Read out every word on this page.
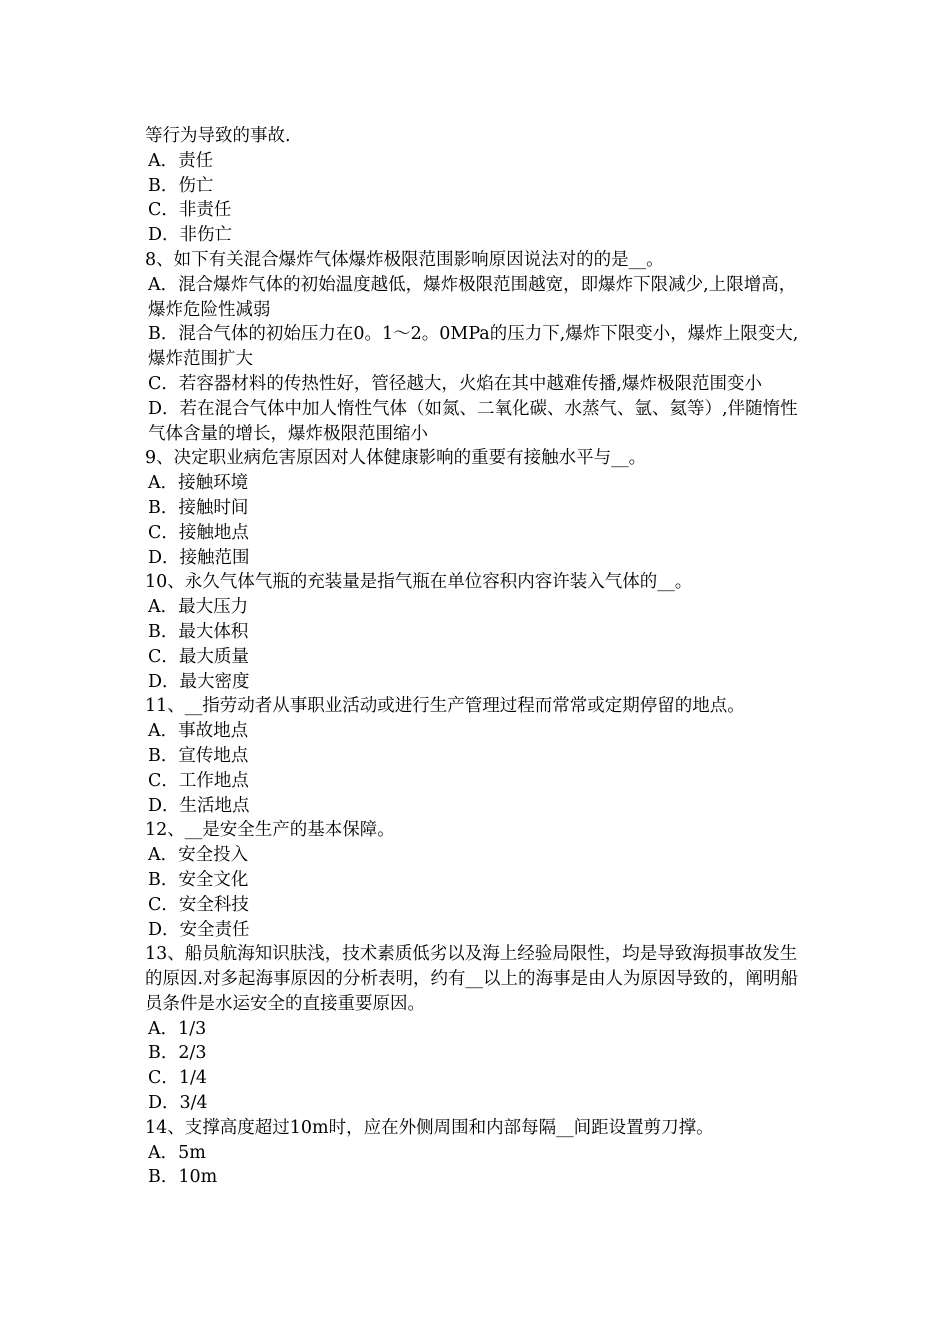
等行为导致的事故.
A．责任
B．伤亡
C．非责任
D．非伤亡
8、如下有关混合爆炸气体爆炸极限范围影响原因说法对的的是__。
A．混合爆炸气体的初始温度越低，爆炸极限范围越宽，即爆炸下限减少,上限增高，爆炸危险性减弱
B．混合气体的初始压力在0。1～2。0MPa的压力下,爆炸下限变小，爆炸上限变大,爆炸范围扩大
C．若容器材料的传热性好，管径越大，火焰在其中越难传播,爆炸极限范围变小
D．若在混合气体中加人惰性气体（如氮、二氧化碳、水蒸气、氩、氦等）,伴随惰性气体含量的增长，爆炸极限范围缩小
9、决定职业病危害原因对人体健康影响的重要有接触水平与__。
A．接触环境
B．接触时间
C．接触地点
D．接触范围
10、永久气体气瓶的充装量是指气瓶在单位容积内容许装入气体的__。
A．最大压力
B．最大体积
C．最大质量
D．最大密度
11、__指劳动者从事职业活动或进行生产管理过程而常常或定期停留的地点。
A．事故地点
B．宣传地点
C．工作地点
D．生活地点
12、__是安全生产的基本保障。
A．安全投入
B．安全文化
C．安全科技
D．安全责任
13、船员航海知识肤浅，技术素质低劣以及海上经验局限性，均是导致海损事故发生的原因.对多起海事原因的分析表明，约有__以上的海事是由人为原因导致的，阐明船员条件是水运安全的直接重要原因。
A．1/3
B．2/3
C．1/4
D．3/4
14、支撑高度超过10m时，应在外侧周围和内部每隔__间距设置剪刀撑。
A．5m
B．10m
